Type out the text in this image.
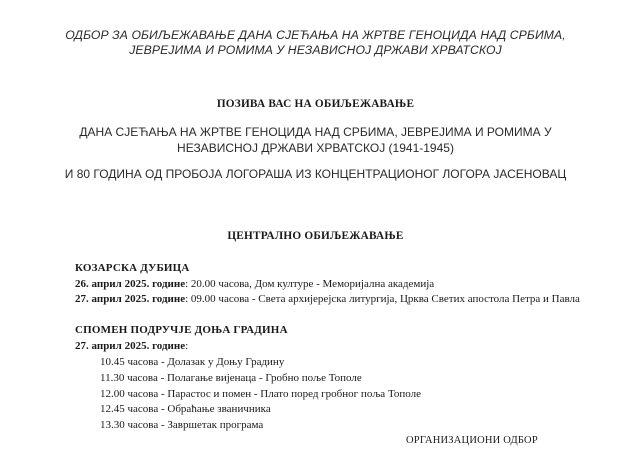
ОДБОР ЗА ОБИЉЕЖАВАЊЕ ДАНА СЈЕЋАЊА НА ЖРТВЕ ГЕНОЦИДА НАД СРБИМА,
ЈЕВРЕЈИМА И РОМИМА У НЕЗАВИСНОЈ ДРЖАВИ ХРВАТСКОЈ
ПОЗИВА ВАС НА ОБИЉЕЖАВАЊЕ
ДАНА СЈЕЋАЊА НА ЖРТВЕ ГЕНОЦИДА НАД СРБИМА, ЈЕВРЕЈИМА И РОМИМА У
НЕЗАВИСНОЈ ДРЖАВИ ХРВАТСКОЈ (1941-1945)
И 80 ГОДИНА ОД ПРОБОЈА ЛОГОРАША ИЗ КОНЦЕНТРАЦИОНОГ ЛОГОРА ЈАСЕНОВАЦ
ЦЕНТРАЛНО ОБИЉЕЖАВАЊЕ
КОЗАРСКА ДУБИЦА
26. април 2025. године: 20.00 часова, Дом културе - Меморијална академија
27. април 2025. године: 09.00 часова - Света архијерејска литургија, Црква Светих апостола Петра и Павла
СПОМЕН ПОДРУЧЈЕ ДОЊА ГРАДИНА
27. април 2025. године:
10.45 часова - Долазак у Доњу Градину
11.30 часова - Полагање вијенаца - Гробно поље Тополе
12.00 часова - Парастос и помен - Плато поред гробног поља Тополе
12.45 часова - Обраћање званичника
13.30 часова - Завршетак програма
ОРГАНИЗАЦИОНИ ОДБОР
